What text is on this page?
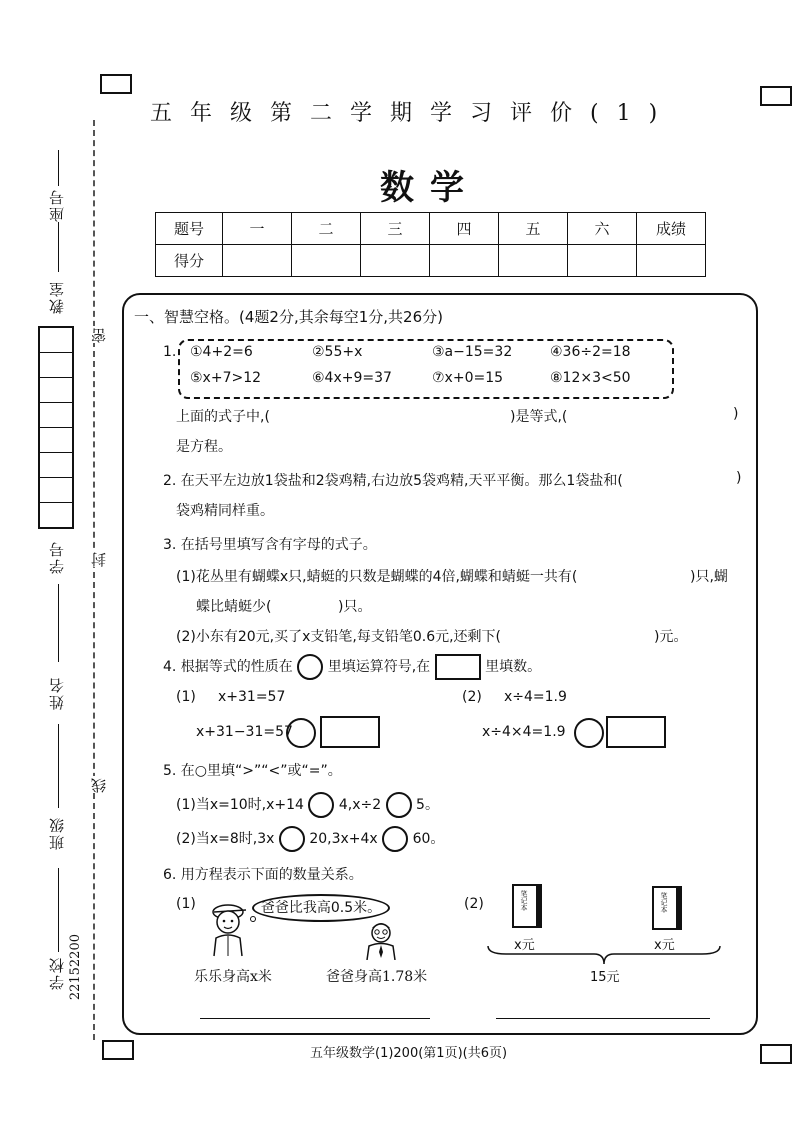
座号
教室
学号
姓名
班级
学校 22152200
密
封
线
五年级第二学期学习评价(1)
数学
题号	一	二	三	四	五	六	成绩
得分							
一、智慧空格。(4题2分,其余每空1分,共26分)
1. ①4+2=6	②55+x	③a−15=32	④36÷2=18
⑤x+7>12	⑥4x+9=37	⑦x+0=15	⑧12×3<50
上面的式子中,(	)是等式,(	)
是方程。
2. 在天平左边放1袋盐和2袋鸡精,右边放5袋鸡精,天平平衡。那么1袋盐和(	)
袋鸡精同样重。
3. 在括号里填写含有字母的式子。
(1)花丛里有蝴蝶x只,蜻蜓的只数是蝴蝶的4倍,蝴蝶和蜻蜓一共有(	)只,蝴
蝶比蜻蜓少(	)只。
(2)小东有20元,买了x支铅笔,每支铅笔0.6元,还剩下(	)元。
4. 根据等式的性质在 里填运算符号,在	里填数。
(1) x+31=57	(2) x÷4=1.9
x+31−31=57	x÷4×4=1.9
5. 在○里填“>”“<”或“=”。
(1)当x=10时,x+14 4,x÷2 5。
(2)当x=8时,3x 20,3x+4x 60。
6. 用方程表示下面的数量关系。
(1)	爸爸比我高0.5米。
乐乐身高x米	爸爸身高1.78米
(2)	笔记本	笔记本
x元	x元
15元
五年级数学(1)200(第1页)(共6页)
